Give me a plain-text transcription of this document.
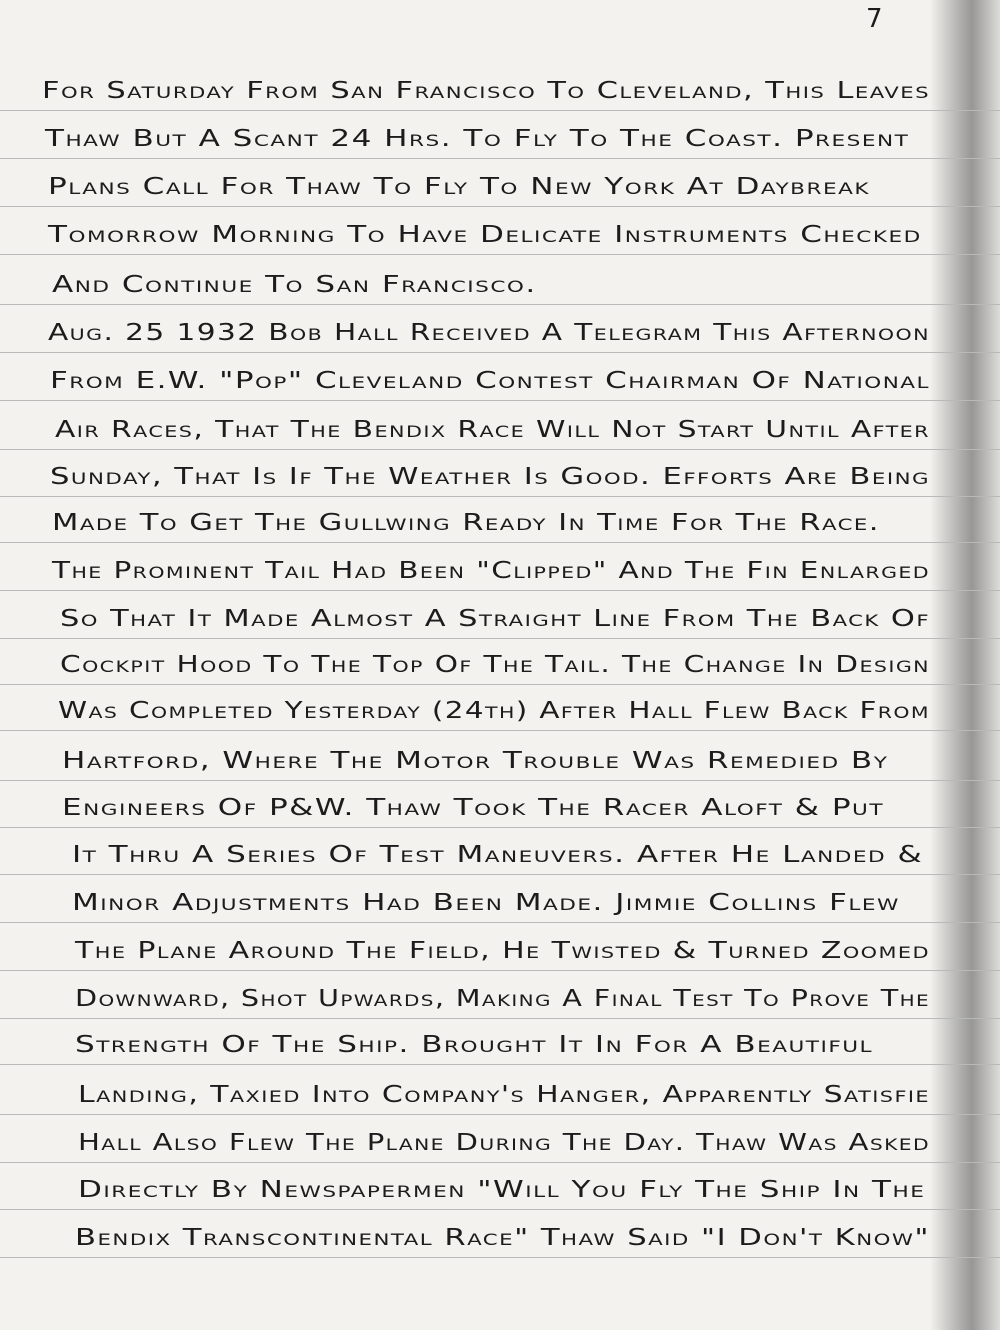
7
For Saturday From San Francisco To Cleveland, This Leaves
Thaw But A Scant 24 Hrs. To Fly To The Coast. Present
Plans Call For Thaw To Fly To New York At Daybreak
Tomorrow Morning To Have Delicate Instruments Checked
And Continue To San Francisco.
Aug. 25 1932 Bob Hall Received A Telegram This Afternoon
From E.W. "Pop" Cleveland Contest Chairman Of National
Air Races, That The Bendix Race Will Not Start Until After
Sunday, That Is If The Weather Is Good. Efforts Are Being
Made To Get The Gullwing Ready In Time For The Race.
The Prominent Tail Had Been "Clipped" And The Fin Enlarged
So That It Made Almost A Straight Line From The Back Of
Cockpit Hood To The Top Of The Tail. The Change In Design
Was Completed Yesterday (24th) After Hall Flew Back From
Hartford, Where The Motor Trouble Was Remedied By
Engineers Of P&W. Thaw Took The Racer Aloft & Put
It Thru A Series Of Test Maneuvers. After He Landed &
Minor Adjustments Had Been Made. Jimmie Collins Flew
The Plane Around The Field, He Twisted & Turned Zoomed
Downward, Shot Upwards, Making A Final Test To Prove The
Strength Of The Ship. Brought It In For A Beautiful
Landing, Taxied Into Company's Hanger, Apparently Satisfie
Hall Also Flew The Plane During The Day. Thaw Was Asked
Directly By Newspapermen "Will You Fly The Ship In The
Bendix Transcontinental Race" Thaw Said "I Don't Know"
